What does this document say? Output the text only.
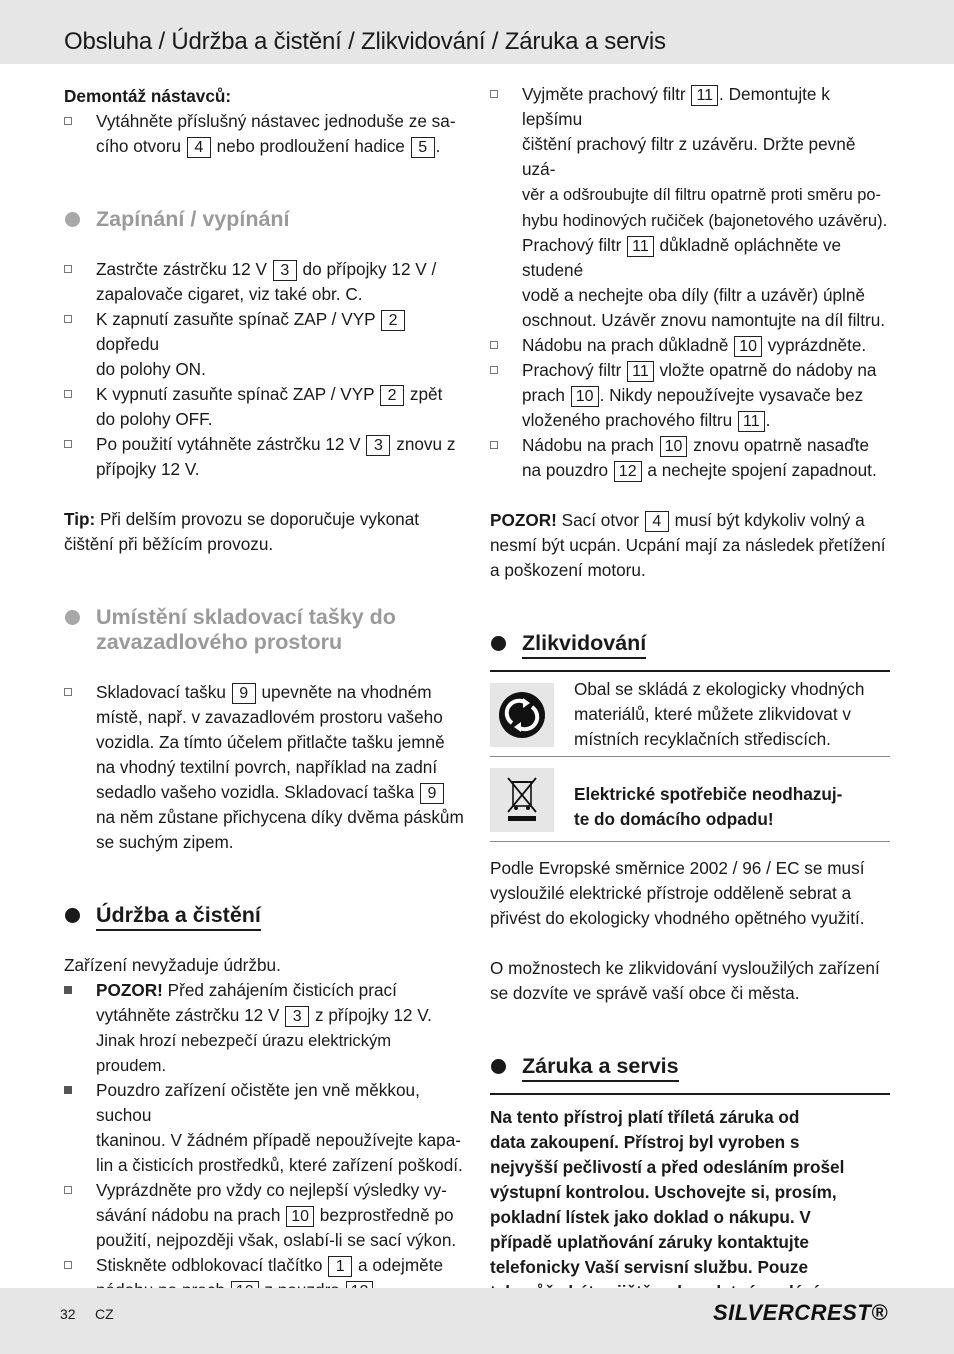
Obsluha / Údržba a čistění / Zlikvidování / Záruka a servis
Demontáž nástavců:
Vytáhněte příslušný nástavec jednoduše ze sa-
cího otvoru 4 nebo prodloužení hadice 5 .
Zapínání / vypínání
Zastrčte zástrčku 12 V 3 do přípojky 12 V /
zapalovače cigaret, viz také obr. C.
K zapnutí zasuňte spínač ZAP / VYP 2 dopředu
do polohy ON.
K vypnutí zasuňte spínač ZAP / VYP 2 zpět
do polohy OFF.
Po použití vytáhněte zástrčku 12 V 3 znovu z
přípojky 12 V.
Tip: Při delším provozu se doporučuje vykonat
čištění při běžícím provozu.
Umístění skladovací tašky do
zavazadlového prostoru
Skladovací tašku 9 upevněte na vhodném
místě, např. v zavazadlovém prostoru vašeho
vozidla. Za tímto účelem přitlačte tašku jemně
na vhodný textilní povrch, například na zadní
sedadlo vašeho vozidla. Skladovací taška 9
na něm zůstane přichycena díky dvěma páskům
se suchým zipem.
Údržba a čistění
Zařízení nevyžaduje údržbu.
POZOR! Před zahájením čisticích prací
vytáhněte zástrčku 12 V 3 z přípojky 12 V.
Jinak hrozí nebezpečí úrazu elektrickým proudem.
Pouzdro zařízení očistěte jen vně měkkou, suchou
tkaninou. V žádném případě nepoužívejte kapa-
lin a čisticích prostředků, které zařízení poškodí.
Vyprázdněte pro vždy co nejlepší výsledky vy-
sávání nádobu na prach 10 bezprostředně po
použití, nejpozději však, oslabí-li se sací výkon.
Stiskněte odblokovací tlačítko 1 a odejměte

Vyjměte prachový filtr 11 . Demontujte k lepšímu
čištění prachový filtr z uzávěru. Držte pevně uzá-
věr a odšroubujte díl filtru opatrně proti směru po-
hybu hodinových ručiček (bajonetového uzávěru).
Prachový filtr 11 důkladně opláchněte ve studené
vodě a nechejte oba díly (filtr a uzávěr) úplně
oschnout. Uzávěr znovu namontujte na díl filtru.
Nádobu na prach důkladně 10 vyprázdněte.
Prachový filtr 11 vložte opatrně do nádoby na
prach 10 . Nikdy nepoužívejte vysavače bez
vloženého prachového filtru 11 .
Nádobu na prach 10 znovu opatrně nasaďte
na pouzdro 12 a nechejte spojení zapadnout.
POZOR! Sací otvor 4 musí být kdykoliv volný a
nesmí být ucpán. Ucpání mají za následek přetížení
a poškození motoru.
Zlikvidování
Obal se skládá z ekologicky vhodných
materiálů, které můžete zlikvidovat v
místních recyklačních střediscích.
Elektrické spotřebiče neodhazuj-
te do domácího odpadu!
Podle Evropské směrnice 2002 / 96 / EC se musí
vysloužilé elektrické přístroje odděleně sebrat a
přivést do ekologicky vhodného opětného využití.
O možnostech ke zlikvidování vysloužilých zařízení
se dozvíte ve správě vaší obce či města.
Záruka a servis
Na tento přístroj platí tříletá záruka od
data zakoupení. Přístroj byl vyroben s
nejvyšší pečlivostí a před odesláním prošel
výstupní kontrolou. Uschovejte si, prosím,
pokladní lístek jako doklad o nákupu. V
případě uplatňování záruky kontaktujte
telefonicky Vaší servisní službu. Pouze

32 CZ	SILVERCREST®
